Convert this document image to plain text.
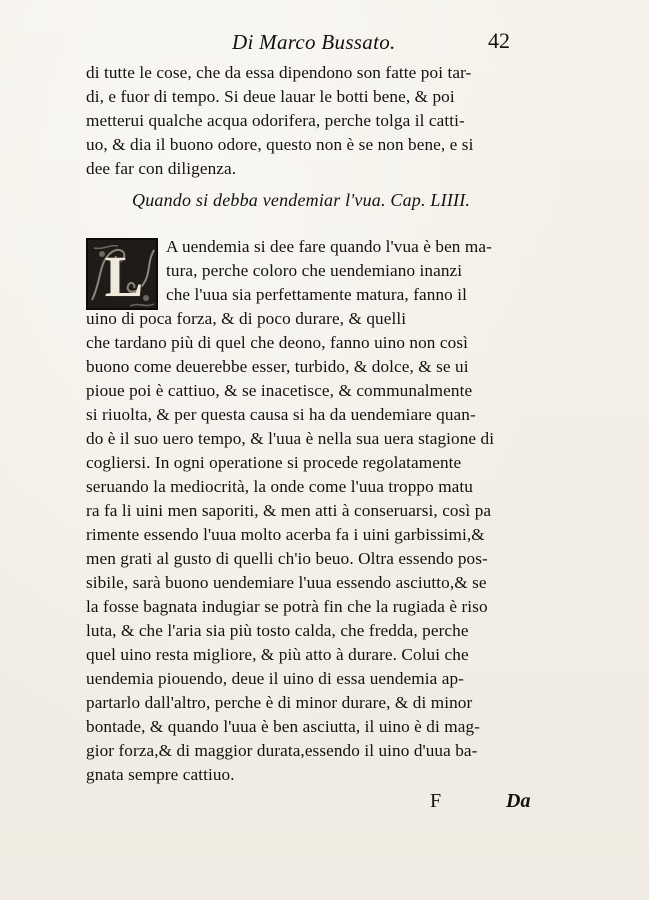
Di Marco Bussato.	42
di tutte le cose, che da essa dipendono son fatte poi tar-
di, e fuor di tempo. Si deue lauar le botti bene, & poi
metterui qualche acqua odorifera, perche tolga il catti-
uo, & dia il buono odore, questo non è se non bene, e si
dee far con diligenza.
Quando si debba vendemiar l'vua. Cap. LIIII.
L	A uendemia si dee fare quando l'vua è ben ma-
tura, perche coloro che uendemiano inanzi
che l'uua sia perfettamente matura, fanno il
uino di poca forza, & di poco durare, & quelli
che tardano più di quel che deono, fanno uino non così
buono come deuerebbe esser, turbido, & dolce, & se ui
pioue poi è cattiuo, & se inacetisce, & communalmente
si riuolta, & per questa causa si ha da uendemiare quan-
do è il suo uero tempo, & l'uua è nella sua uera stagione di
cogliersi. In ogni operatione si procede regolatamente
seruando la mediocrità, la onde come l'uua troppo matu
ra fa li uini men saporiti, & men atti à conseruarsi, così pa
rimente essendo l'uua molto acerba fa i uini garbissimi,&
men grati al gusto di quelli ch'io beuo. Oltra essendo pos-
sibile, sarà buono uendemiare l'uua essendo asciutto,& se
la fosse bagnata indugiar se potrà fin che la rugiada è riso
luta, & che l'aria sia più tosto calda, che fredda, perche
quel uino resta migliore, & più atto à durare. Colui che
uendemia piouendo, deue il uino di essa uendemia ap-
partarlo dall'altro, perche è di minor durare, & di minor
bontade, & quando l'uua è ben asciutta, il uino è di mag-
gior forza,& di maggior durata,essendo il uino d'uua ba-
gnata sempre cattiuo.
F	Da
